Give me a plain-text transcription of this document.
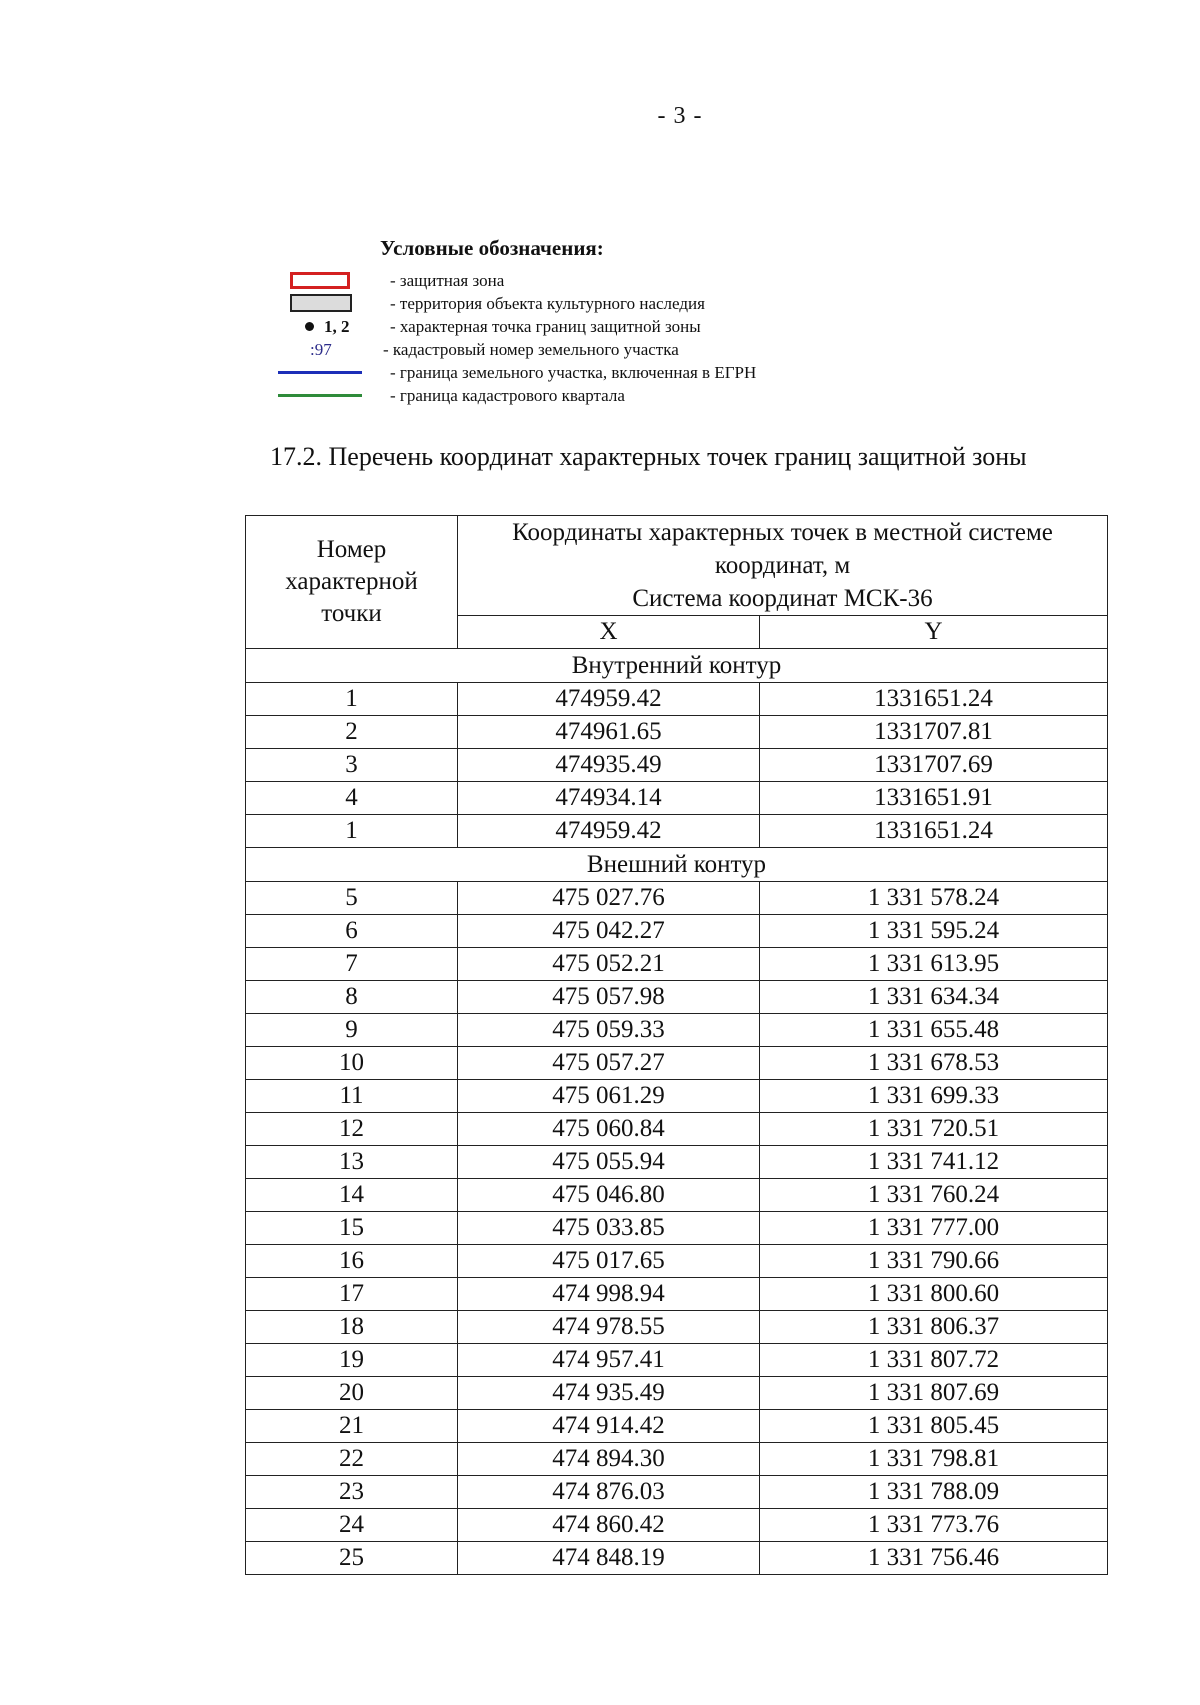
- 3 -
Условные обозначения:
- защитная зона
- территория объекта культурного наследия
1, 2 - характерная точка границ защитной зоны
:97	- кадастровый номер земельного участка
- граница земельного участка, включенная в ЕГРН
- граница кадастрового квартала
17.2. Перечень координат характерных точек границ защитной зоны
Номер
характерной
точки	Координаты характерных точек в местной системе
координат, м
Система координат МСК-36	

	X	Y
Внутренний контур		
1	474959.42	1331651.24
2	474961.65	1331707.81
3	474935.49	1331707.69
4	474934.14	1331651.91
1	474959.42	1331651.24
Внешний контур		
5	475 027.76	1 331 578.24
6	475 042.27	1 331 595.24
7	475 052.21	1 331 613.95
8	475 057.98	1 331 634.34
9	475 059.33	1 331 655.48
10	475 057.27	1 331 678.53
11	475 061.29	1 331 699.33
12	475 060.84	1 331 720.51
13	475 055.94	1 331 741.12
14	475 046.80	1 331 760.24
15	475 033.85	1 331 777.00
16	475 017.65	1 331 790.66
17	474 998.94	1 331 800.60
18	474 978.55	1 331 806.37
19	474 957.41	1 331 807.72
20	474 935.49	1 331 807.69
21	474 914.42	1 331 805.45
22	474 894.30	1 331 798.81
23	474 876.03	1 331 788.09
24	474 860.42	1 331 773.76
25	474 848.19	1 331 756.46
